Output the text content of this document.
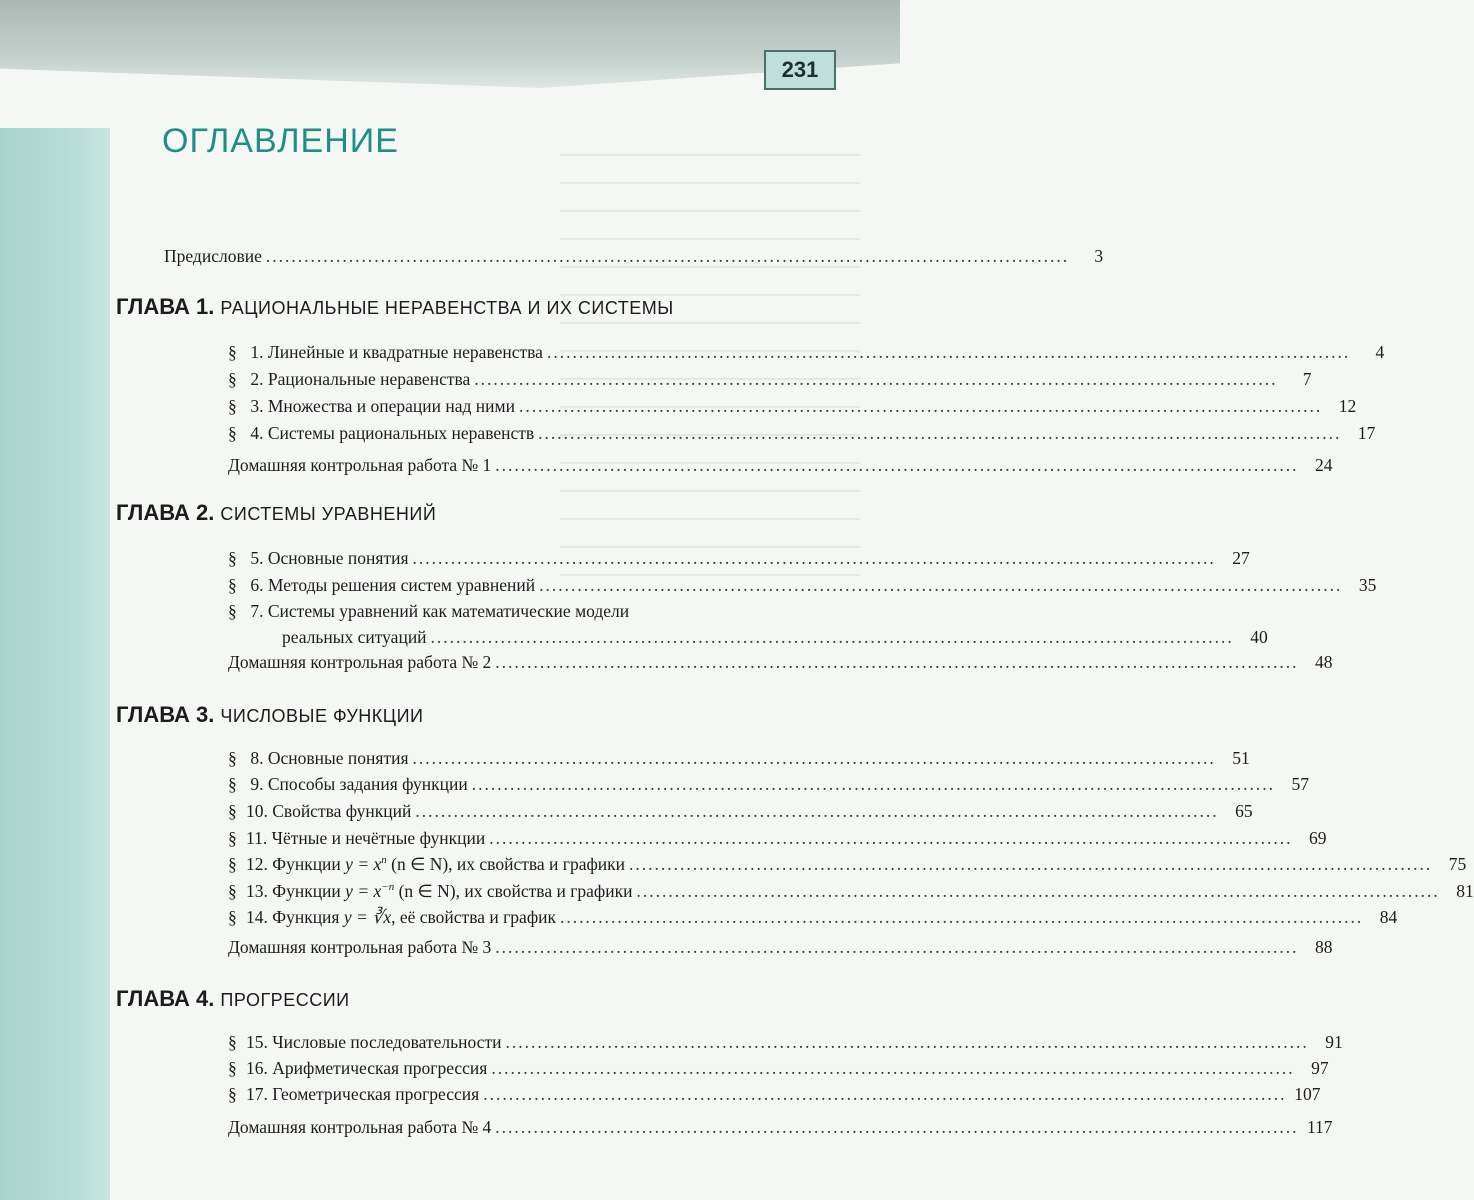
231
ОГЛАВЛЕНИЕ
Предисловие ..............................................................................................................................	3
ГЛАВА 1. РАЦИОНАЛЬНЫЕ НЕРАВЕНСТВА И ИХ СИСТЕМЫ
§ 1. Линейные и квадратные неравенства ..............................................................................................................................	4
§ 2. Рациональные неравенства ..............................................................................................................................	7
§ 3. Множества и операции над ними .............................................................................................................................. 12
§ 4. Системы рациональных неравенств .............................................................................................................................. 17
Домашняя контрольная работа № 1 .............................................................................................................................. 24
ГЛАВА 2. СИСТЕМЫ УРАВНЕНИЙ
§ 5. Основные понятия .............................................................................................................................. 27
§ 6. Методы решения систем уравнений .............................................................................................................................. 35
§ 7. Системы уравнений как математические модели
реальных ситуаций .............................................................................................................................. 40
Домашняя контрольная работа № 2 .............................................................................................................................. 48
ГЛАВА 3. ЧИСЛОВЫЕ ФУНКЦИИ
§ 8. Основные понятия .............................................................................................................................. 51
§ 9. Способы задания функции .............................................................................................................................. 57
§ 10. Свойства функций .............................................................................................................................. 65
§ 11. Чётные и нечётные функции .............................................................................................................................. 69
§ 12. Функции $y = x^n$ (n ∈ N), их свойства и графики .............................................................................................................................. 75
§ 13. Функции $y = x^{-n}$ (n ∈ N), их свойства и графики .............................................................................................................................. 81
§ 14. Функция y = ∛x, её свойства и график .............................................................................................................................. 84
Домашняя контрольная работа № 3 .............................................................................................................................. 88
ГЛАВА 4. ПРОГРЕССИИ
§ 15. Числовые последовательности .............................................................................................................................. 91
§ 16. Арифметическая прогрессия .............................................................................................................................. 97
§ 17. Геометрическая прогрессия .............................................................................................................................. 107
Домашняя контрольная работа № 4 .............................................................................................................................. 117
